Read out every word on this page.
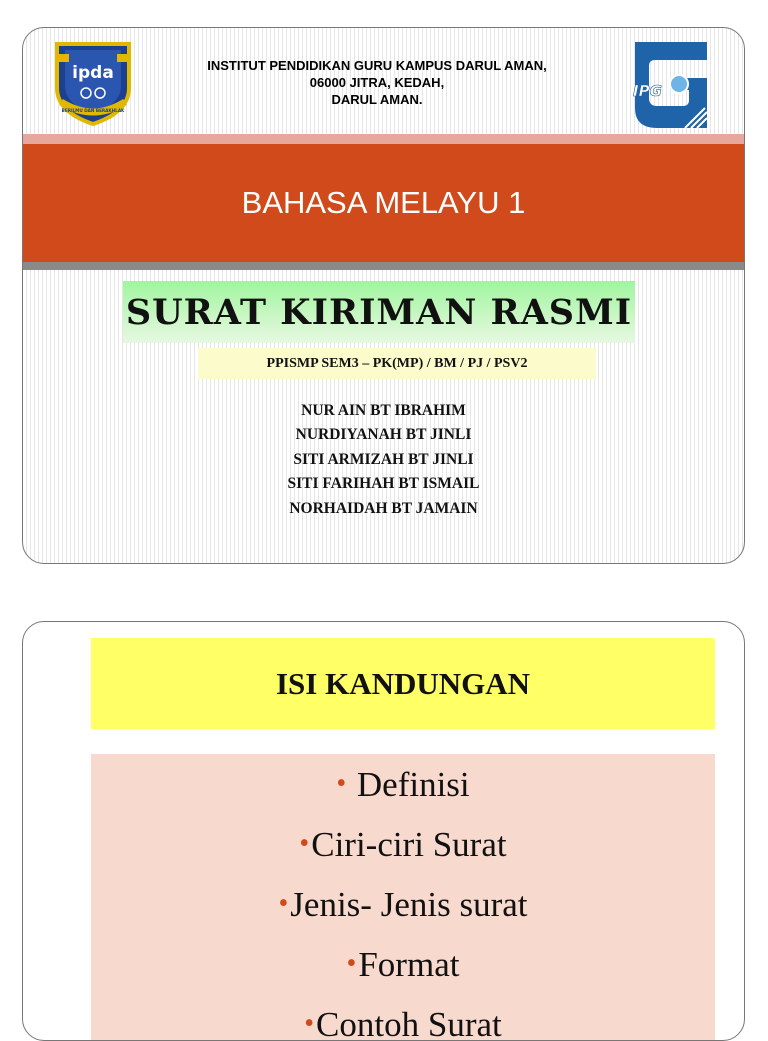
ipda
BERILMU DAN BERAKHLAK
INSTITUT PENDIDIKAN GURU KAMPUS DARUL AMAN,
06000 JITRA, KEDAH,
DARUL AMAN.	IPG
BAHASA MELAYU 1
SURAT KIRIMAN RASMI
PPISMP SEM3 – PK(MP) / BM / PJ / PSV2
NUR AIN BT IBRAHIM
NURDIYANAH BT JINLI
SITI ARMIZAH BT JINLI
SITI FARIHAH BT ISMAIL
NORHAIDAH BT JAMAIN
ISI KANDUNGAN
• Definisi
•Ciri-ciri Surat
•Jenis- Jenis surat
•Format
•Contoh Surat
